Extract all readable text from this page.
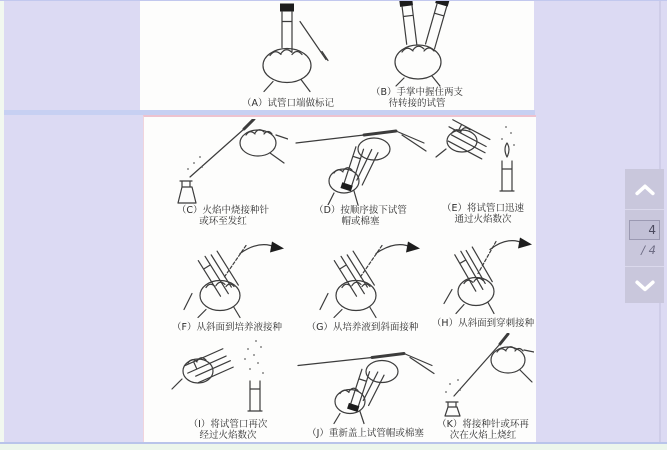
（A）试管口端做标记
（B）手掌中握住两支
待转接的试管
（C）火焰中烧接种针
或环至发红
（D）按顺序拔下试管
帽或棉塞
（E）将试管口迅速
通过火焰数次
（F）从斜面到培养液接种	（G）从培养液到斜面接种 （H）从斜面到穿刺接种
（I）将试管口再次
经过火焰数次	（J）重新盖上试管帽或棉塞
（K）将接种针或环再
次在火焰上烧红
4
/ 4
